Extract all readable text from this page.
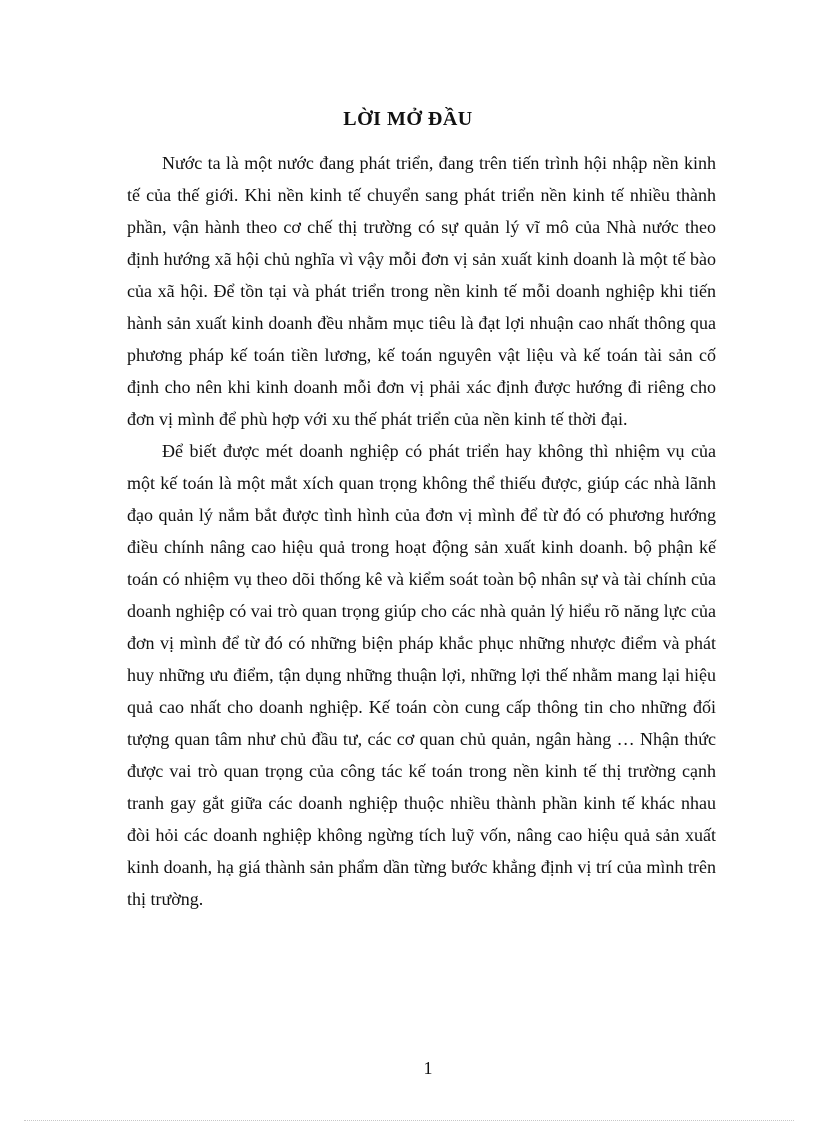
LỜI MỞ ĐẦU

Nước ta là một nước đang phát triển, đang trên tiến trình hội nhập nền kinh tế của thế giới. Khi nền kinh tế chuyển sang phát triển nền kinh tế nhiều thành phần, vận hành theo cơ chế thị trường có sự quản lý vĩ mô của Nhà nước theo định hướng xã hội chủ nghĩa vì vậy mỗi đơn vị sản xuất kinh doanh là một tế bào của xã hội. Để tồn tại và phát triển trong nền kinh tế mỗi doanh nghiệp khi tiến hành sản xuất kinh doanh đều nhằm mục tiêu là đạt lợi nhuận cao nhất thông qua phương pháp kế toán tiền lương, kế toán nguyên vật liệu và kế toán tài sản cố định cho nên khi kinh doanh mỗi đơn vị phải xác định được hướng đi riêng cho đơn vị mình để phù hợp với xu thế phát triển của nền kinh tế thời đại.

Để biết được mét doanh nghiệp có phát triển hay không thì nhiệm vụ của một kế toán là một mắt xích quan trọng không thể thiếu được, giúp các nhà lãnh đạo quản lý nắm bắt được tình hình của đơn vị mình để từ đó có phương hướng điều chính nâng cao hiệu quả trong hoạt động sản xuất kinh doanh. bộ phận kế toán có nhiệm vụ theo dõi thống kê và kiểm soát toàn bộ nhân sự và tài chính của doanh nghiệp có vai trò quan trọng giúp cho các nhà quản lý hiểu rõ năng lực của đơn vị mình để từ đó có những biện pháp khắc phục những nhược điểm và phát huy những ưu điểm, tận dụng những thuận lợi, những lợi thế nhằm mang lại hiệu quả cao nhất cho doanh nghiệp. Kế toán còn cung cấp thông tin cho những đối tượng quan tâm như chủ đầu tư, các cơ quan chủ quản, ngân hàng … Nhận thức được vai trò quan trọng của công tác kế toán trong nền kinh tế thị trường cạnh tranh gay gắt giữa các doanh nghiệp thuộc nhiều thành phần kinh tế khác nhau đòi hỏi các doanh nghiệp không ngừng tích luỹ vốn, nâng cao hiệu quả sản xuất kinh doanh, hạ giá thành sản phẩm dần từng bước khẳng định vị trí của mình trên thị trường.

1
